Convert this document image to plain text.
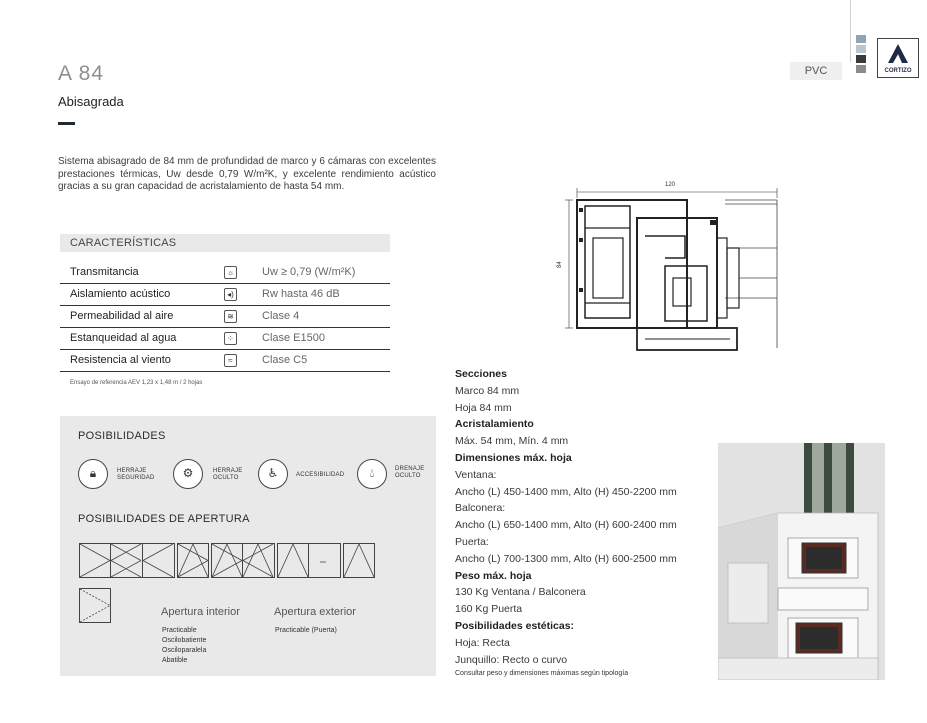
A 84
Abisagrada
PVC	CORTIZO
Sistema abisagrado de 84 mm de profundidad de marco y 6 cámaras con excelentes prestaciones térmicas, Uw desde 0,79 W/m²K, y excelente rendimiento acústico gracias a su gran capacidad de acristalamiento de hasta 54 mm.
CARACTERÍSTICAS
Transmitancia	☼	Uw ≥ 0,79 (W/m²K)
Aislamiento acústico	◂)	Rw hasta 46 dB
Permeabilidad al aire	≋	Clase 4
Estanqueidad al agua	⁘	Clase E1500
Resistencia al viento	≈	Clase C5
Ensayo de referencia AEV 1,23 x 1,48 m / 2 hojas
POSIBILIDADES
🔒︎	HERRAJE
SEGURIDAD	⚙	HERRAJE
OCULTO	♿︎	ACCESIBILIDAD	💧︎	DRENAJE
OCULTO
POSIBILIDADES DE APERTURA
Apertura interior
Practicable
Oscilobatiente
Osciloparalela
Abatible
Apertura exterior
Practicable (Puerta)
120
84
Secciones
Marco 84 mm
Hoja 84 mm
Acristalamiento
Máx. 54 mm, Mín. 4 mm
Dimensiones máx. hoja
Ventana:
Ancho (L) 450-1400 mm, Alto (H) 450-2200 mm
Balconera:
Ancho (L) 650-1400 mm, Alto (H) 600-2400 mm
Puerta:
Ancho (L) 700-1300 mm, Alto (H) 600-2500 mm
Peso máx. hoja
130 Kg Ventana / Balconera
160 Kg Puerta
Posibilidades estéticas:
Hoja: Recta
Junquillo: Recto o curvo
Consultar peso y dimensiones máximas según tipología
